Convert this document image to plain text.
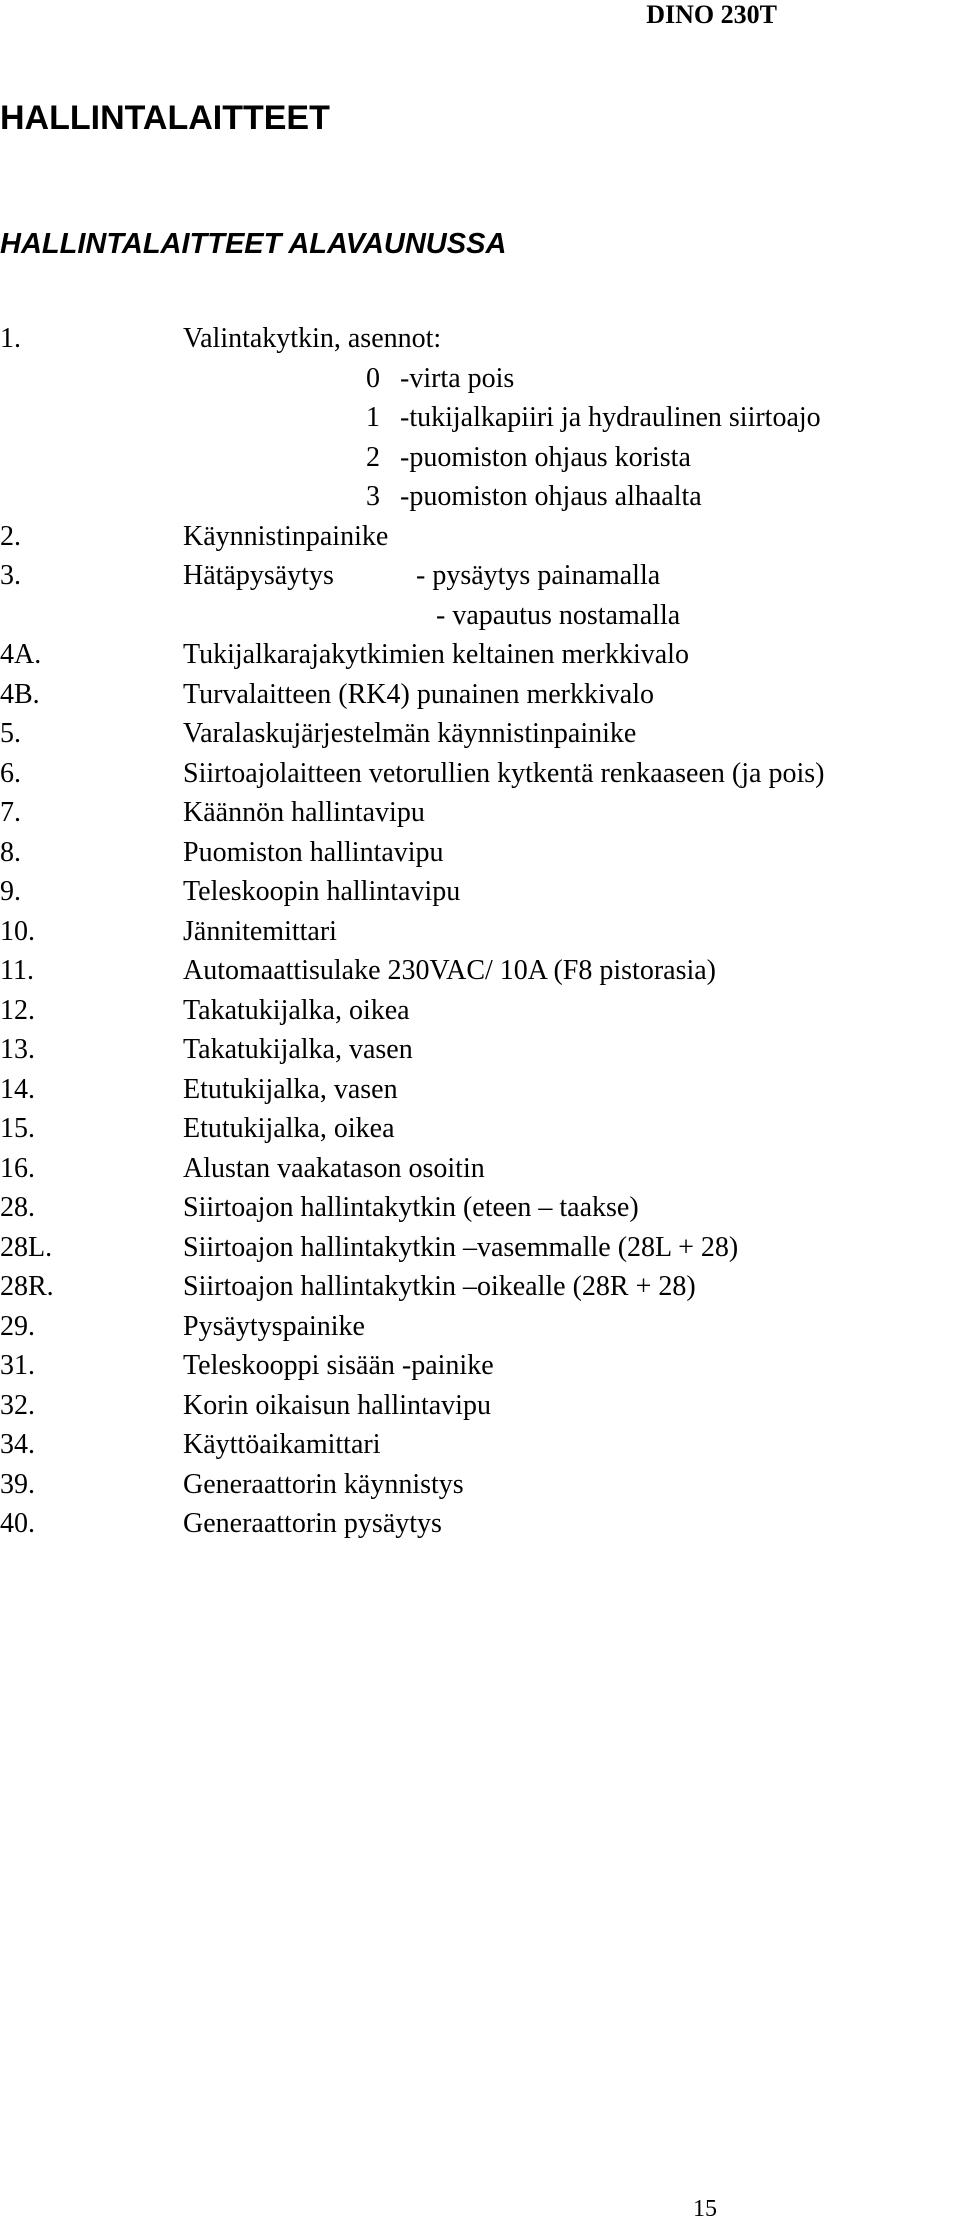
DINO 230T
HALLINTALAITTEET
HALLINTALAITTEET ALAVAUNUSSA
1.	Valintakytkin, asennot:
0 -virta pois
1 -tukijalkapiiri ja hydraulinen siirtoajo
2 -puomiston ohjaus korista
3 -puomiston ohjaus alhaalta
2.	Käynnistinpainike
3.	Hätäpysäytys	- pysäytys painamalla
- vapautus nostamalla
4A.	Tukijalkarajakytkimien keltainen merkkivalo
4B.	Turvalaitteen (RK4) punainen merkkivalo
5.	Varalaskujärjestelmän käynnistinpainike
6.	Siirtoajolaitteen vetorullien kytkentä renkaaseen (ja pois)
7.	Käännön hallintavipu
8.	Puomiston hallintavipu
9.	Teleskoopin hallintavipu
10.	Jännitemittari
11.	Automaattisulake 230VAC/ 10A (F8 pistorasia)
12.	Takatukijalka, oikea
13.	Takatukijalka, vasen
14.	Etutukijalka, vasen
15.	Etutukijalka, oikea
16.	Alustan vaakatason osoitin
28.	Siirtoajon hallintakytkin (eteen – taakse)
28L.	Siirtoajon hallintakytkin –vasemmalle (28L + 28)
28R.	Siirtoajon hallintakytkin –oikealle (28R + 28)
29.	Pysäytyspainike
31.	Teleskooppi sisään -painike
32.	Korin oikaisun hallintavipu
34.	Käyttöaikamittari
39.	Generaattorin käynnistys
40.	Generaattorin pysäytys
15
